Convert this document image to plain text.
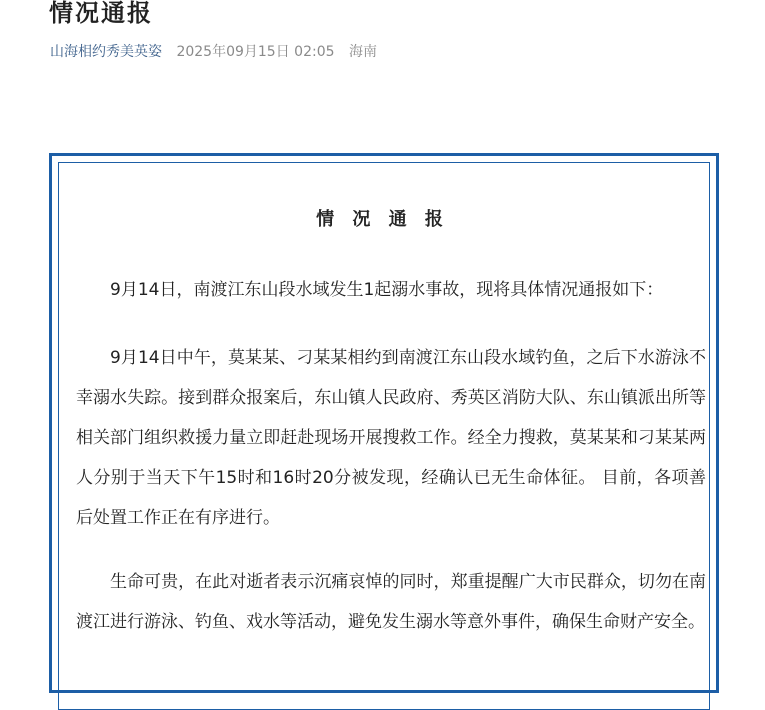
情况通报
山海相约秀美英姿 2025年09月15日 02:05 海南
情 况 通 报

9月14日，南渡江东山段水域发生1起溺水事故，现将具体情况通报如下：

9月14日中午，莫某某、刁某某相约到南渡江东山段水域钓鱼，之后下水游泳不幸溺水失踪。接到群众报案后，东山镇人民政府、秀英区消防大队、东山镇派出所等相关部门组织救援力量立即赶赴现场开展搜救工作。经全力搜救，莫某某和刁某某两人分别于当天下午15时和16时20分被发现，经确认已无生命体征。 目前，各项善后处置工作正在有序进行。

生命可贵，在此对逝者表示沉痛哀悼的同时，郑重提醒广大市民群众，切勿在南渡江进行游泳、钓鱼、戏水等活动，避免发生溺水等意外事件，确保生命财产安全。
